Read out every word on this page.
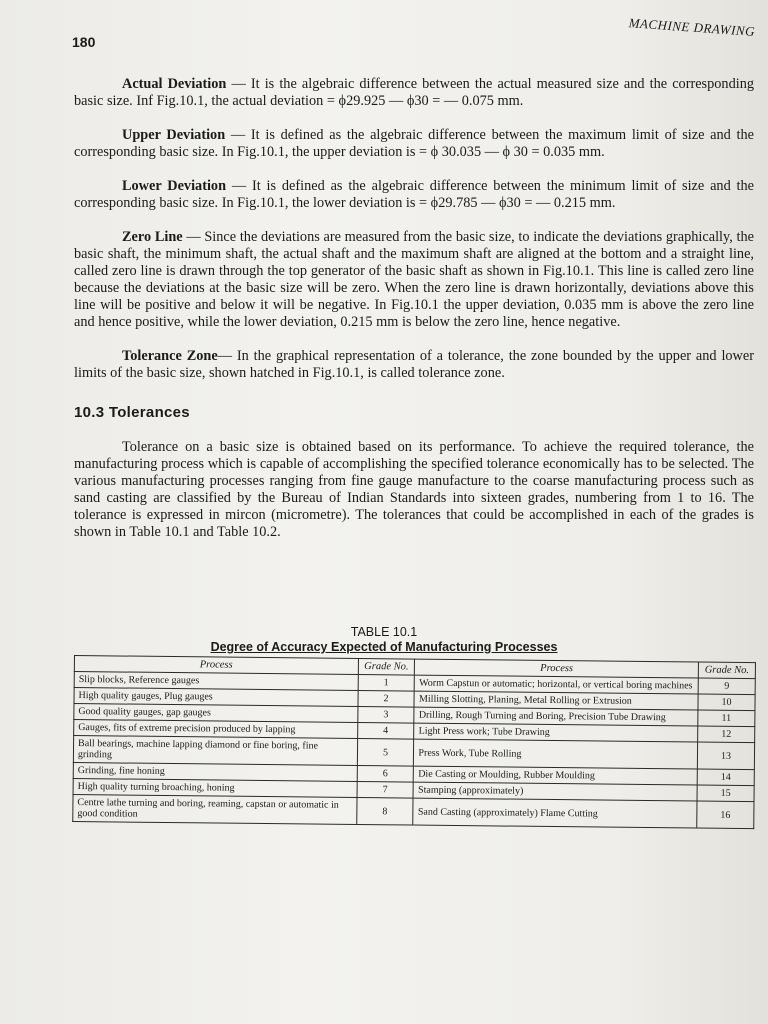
180
MACHINE DRAWING

Actual Deviation — It is the algebraic difference between the actual measured size and the corresponding basic size. Inf Fig.10.1, the actual deviation = ϕ29.925 — ϕ30 = — 0.075 mm.

Upper Deviation — It is defined as the algebraic difference between the maximum limit of size and the corresponding basic size. In Fig.10.1, the upper deviation is = ϕ 30.035 — ϕ 30 = 0.035 mm.

Lower Deviation — It is defined as the algebraic difference between the minimum limit of size and the corresponding basic size. In Fig.10.1, the lower deviation is = ϕ29.785 — ϕ30 = — 0.215 mm.

Zero Line — Since the deviations are measured from the basic size, to indicate the deviations graphically, the basic shaft, the minimum shaft, the actual shaft and the maximum shaft are aligned at the bottom and a straight line, called zero line is drawn through the top generator of the basic shaft as shown in Fig.10.1. This line is called zero line because the deviations at the basic size will be zero. When the zero line is drawn horizontally, deviations above this line will be positive and below it will be negative. In Fig.10.1 the upper deviation, 0.035 mm is above the zero line and hence positive, while the lower deviation, 0.215 mm is below the zero line, hence negative.

Tolerance Zone— In the graphical representation of a tolerance, the zone bounded by the upper and lower limits of the basic size, shown hatched in Fig.10.1, is called tolerance zone.

10.3 Tolerances

Tolerance on a basic size is obtained based on its performance. To achieve the required tolerance, the manufacturing process which is capable of accomplishing the specified tolerance economically has to be selected. The various manufacturing processes ranging from fine gauge manufacture to the coarse manufacturing process such as sand casting are classified by the Bureau of Indian Standards into sixteen grades, numbering from 1 to 16. The tolerance is expressed in mircon (micrometre). The tolerances that could be accomplished in each of the grades is shown in Table 10.1 and Table 10.2.

TABLE 10.1
Degree of Accuracy Expected of Manufacturing Processes
Process	Grade No.	Process	Grade No.
Slip blocks, Reference gauges	1	Worm Capstun or automatic; horizontal, or vertical boring machines	9
High quality gauges, Plug gauges	2	Milling Slotting, Planing, Metal Rolling or Extrusion	10
Good quality gauges, gap gauges	3	Drilling, Rough Turning and Boring, Precision Tube Drawing	11
Gauges, fits of extreme precision produced by lapping	4	Light Press work; Tube Drawing	12
Ball bearings, machine lapping diamond or fine boring, fine grinding	5	Press Work, Tube Rolling	13
Grinding, fine honing	6	Die Casting or Moulding, Rubber Moulding	14
High quality turning broaching, honing	7	Stamping (approximately)	15
Centre lathe turning and boring, reaming, capstan or automatic in good condition	8	Sand Casting (approximately) Flame Cutting	16
